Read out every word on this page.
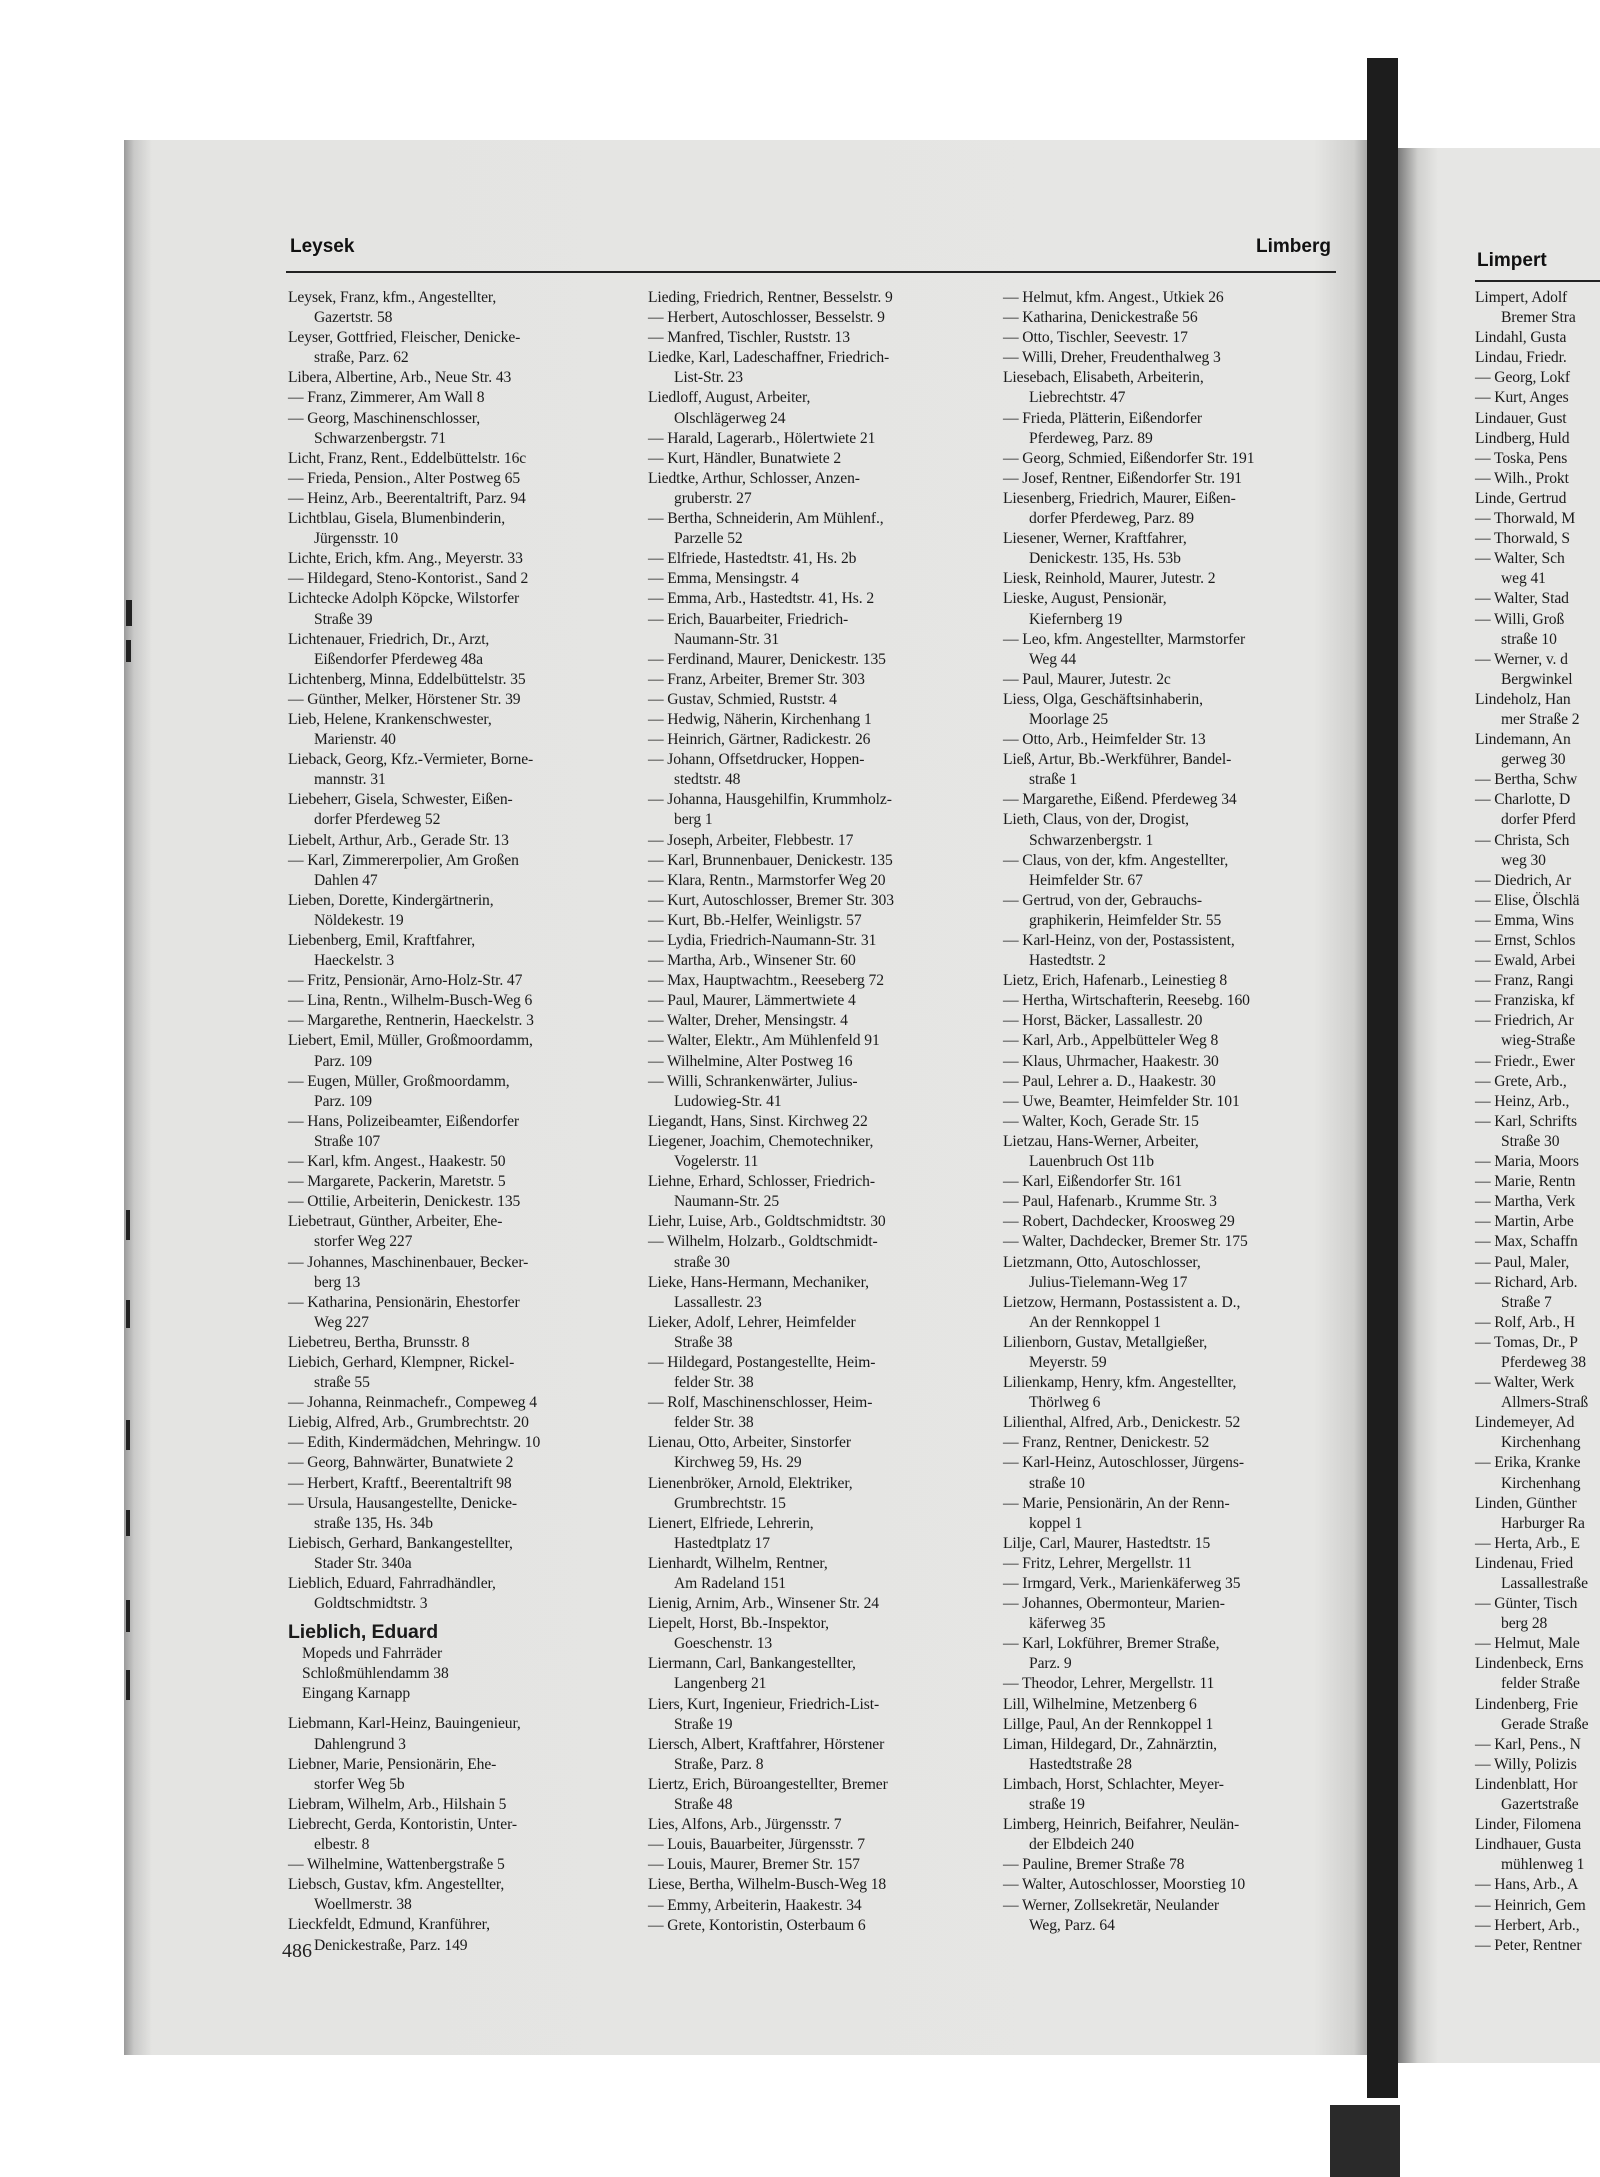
Leysek	Limberg
Limpert
Leysek, Franz, kfm., Angestellter,
Gazertstr. 58
Leyser, Gottfried, Fleischer, Denicke-
straße, Parz. 62
Libera, Albertine, Arb., Neue Str. 43
— Franz, Zimmerer, Am Wall 8
— Georg, Maschinenschlosser,
Schwarzenbergstr. 71
Licht, Franz, Rent., Eddelbüttelstr. 16c
— Frieda, Pension., Alter Postweg 65
— Heinz, Arb., Beerentaltrift, Parz. 94
Lichtblau, Gisela, Blumenbinderin,
Jürgensstr. 10
Lichte, Erich, kfm. Ang., Meyerstr. 33
— Hildegard, Steno-Kontorist., Sand 2
Lichtecke Adolph Köpcke, Wilstorfer
Straße 39
Lichtenauer, Friedrich, Dr., Arzt,
Eißendorfer Pferdeweg 48a
Lichtenberg, Minna, Eddelbüttelstr. 35
— Günther, Melker, Hörstener Str. 39
Lieb, Helene, Krankenschwester,
Marienstr. 40
Lieback, Georg, Kfz.-Vermieter, Borne-
mannstr. 31
Liebeherr, Gisela, Schwester, Eißen-
dorfer Pferdeweg 52
Liebelt, Arthur, Arb., Gerade Str. 13
— Karl, Zimmererpolier, Am Großen
Dahlen 47
Lieben, Dorette, Kindergärtnerin,
Nöldekestr. 19
Liebenberg, Emil, Kraftfahrer,
Haeckelstr. 3
— Fritz, Pensionär, Arno-Holz-Str. 47
— Lina, Rentn., Wilhelm-Busch-Weg 6
— Margarethe, Rentnerin, Haeckelstr. 3
Liebert, Emil, Müller, Großmoordamm,
Parz. 109
— Eugen, Müller, Großmoordamm,
Parz. 109
— Hans, Polizeibeamter, Eißendorfer
Straße 107
— Karl, kfm. Angest., Haakestr. 50
— Margarete, Packerin, Maretstr. 5
— Ottilie, Arbeiterin, Denickestr. 135
Liebetraut, Günther, Arbeiter, Ehe-
storfer Weg 227
— Johannes, Maschinenbauer, Becker-
berg 13
— Katharina, Pensionärin, Ehestorfer
Weg 227
Liebetreu, Bertha, Brunsstr. 8
Liebich, Gerhard, Klempner, Rickel-
straße 55
— Johanna, Reinmachefr., Compeweg 4
Liebig, Alfred, Arb., Grumbrechtstr. 20
— Edith, Kindermädchen, Mehringw. 10
— Georg, Bahnwärter, Bunatwiete 2
— Herbert, Kraftf., Beerentaltrift 98
— Ursula, Hausangestellte, Denicke-
straße 135, Hs. 34b
Liebisch, Gerhard, Bankangestellter,
Stader Str. 340a
Lieblich, Eduard, Fahrradhändler,
Goldtschmidtstr. 3
Lieblich, Eduard
Mopeds und Fahrräder
Schloßmühlendamm 38
Eingang Karnapp
Liebmann, Karl-Heinz, Bauingenieur,
Dahlengrund 3
Liebner, Marie, Pensionärin, Ehe-
storfer Weg 5b
Liebram, Wilhelm, Arb., Hilshain 5
Liebrecht, Gerda, Kontoristin, Unter-
elbestr. 8
— Wilhelmine, Wattenbergstraße 5
Liebsch, Gustav, kfm. Angestellter,
Woellmerstr. 38
Lieckfeldt, Edmund, Kranführer,
Denickestraße, Parz. 149
Lieding, Friedrich, Rentner, Besselstr. 9
— Herbert, Autoschlosser, Besselstr. 9
— Manfred, Tischler, Ruststr. 13
Liedke, Karl, Ladeschaffner, Friedrich-
List-Str. 23
Liedloff, August, Arbeiter,
Olschlägerweg 24
— Harald, Lagerarb., Hölertwiete 21
— Kurt, Händler, Bunatwiete 2
Liedtke, Arthur, Schlosser, Anzen-
gruberstr. 27
— Bertha, Schneiderin, Am Mühlenf.,
Parzelle 52
— Elfriede, Hastedtstr. 41, Hs. 2b
— Emma, Mensingstr. 4
— Emma, Arb., Hastedtstr. 41, Hs. 2
— Erich, Bauarbeiter, Friedrich-
Naumann-Str. 31
— Ferdinand, Maurer, Denickestr. 135
— Franz, Arbeiter, Bremer Str. 303
— Gustav, Schmied, Ruststr. 4
— Hedwig, Näherin, Kirchenhang 1
— Heinrich, Gärtner, Radickestr. 26
— Johann, Offsetdrucker, Hoppen-
stedtstr. 48
— Johanna, Hausgehilfin, Krummholz-
berg 1
— Joseph, Arbeiter, Flebbestr. 17
— Karl, Brunnenbauer, Denickestr. 135
— Klara, Rentn., Marmstorfer Weg 20
— Kurt, Autoschlosser, Bremer Str. 303
— Kurt, Bb.-Helfer, Weinligstr. 57
— Lydia, Friedrich-Naumann-Str. 31
— Martha, Arb., Winsener Str. 60
— Max, Hauptwachtm., Reeseberg 72
— Paul, Maurer, Lämmertwiete 4
— Walter, Dreher, Mensingstr. 4
— Walter, Elektr., Am Mühlenfeld 91
— Wilhelmine, Alter Postweg 16
— Willi, Schrankenwärter, Julius-
Ludowieg-Str. 41
Liegandt, Hans, Sinst. Kirchweg 22
Liegener, Joachim, Chemotechniker,
Vogelerstr. 11
Liehne, Erhard, Schlosser, Friedrich-
Naumann-Str. 25
Liehr, Luise, Arb., Goldtschmidtstr. 30
— Wilhelm, Holzarb., Goldtschmidt-
straße 30
Lieke, Hans-Hermann, Mechaniker,
Lassallestr. 23
Lieker, Adolf, Lehrer, Heimfelder
Straße 38
— Hildegard, Postangestellte, Heim-
felder Str. 38
— Rolf, Maschinenschlosser, Heim-
felder Str. 38
Lienau, Otto, Arbeiter, Sinstorfer
Kirchweg 59, Hs. 29
Lienenbröker, Arnold, Elektriker,
Grumbrechtstr. 15
Lienert, Elfriede, Lehrerin,
Hastedtplatz 17
Lienhardt, Wilhelm, Rentner,
Am Radeland 151
Lienig, Arnim, Arb., Winsener Str. 24
Liepelt, Horst, Bb.-Inspektor,
Goeschenstr. 13
Liermann, Carl, Bankangestellter,
Langenberg 21
Liers, Kurt, Ingenieur, Friedrich-List-
Straße 19
Liersch, Albert, Kraftfahrer, Hörstener
Straße, Parz. 8
Liertz, Erich, Büroangestellter, Bremer
Straße 48
Lies, Alfons, Arb., Jürgensstr. 7
— Louis, Bauarbeiter, Jürgensstr. 7
— Louis, Maurer, Bremer Str. 157
Liese, Bertha, Wilhelm-Busch-Weg 18
— Emmy, Arbeiterin, Haakestr. 34
— Grete, Kontoristin, Osterbaum 6
— Helmut, kfm. Angest., Utkiek 26
— Katharina, Denickestraße 56
— Otto, Tischler, Seevestr. 17
— Willi, Dreher, Freudenthalweg 3
Liesebach, Elisabeth, Arbeiterin,
Liebrechtstr. 47
— Frieda, Plätterin, Eißendorfer
Pferdeweg, Parz. 89
— Georg, Schmied, Eißendorfer Str. 191
— Josef, Rentner, Eißendorfer Str. 191
Liesenberg, Friedrich, Maurer, Eißen-
dorfer Pferdeweg, Parz. 89
Liesener, Werner, Kraftfahrer,
Denickestr. 135, Hs. 53b
Liesk, Reinhold, Maurer, Jutestr. 2
Lieske, August, Pensionär,
Kiefernberg 19
— Leo, kfm. Angestellter, Marmstorfer
Weg 44
— Paul, Maurer, Jutestr. 2c
Liess, Olga, Geschäftsinhaberin,
Moorlage 25
— Otto, Arb., Heimfelder Str. 13
Ließ, Artur, Bb.-Werkführer, Bandel-
straße 1
— Margarethe, Eißend. Pferdeweg 34
Lieth, Claus, von der, Drogist,
Schwarzenbergstr. 1
— Claus, von der, kfm. Angestellter,
Heimfelder Str. 67
— Gertrud, von der, Gebrauchs-
graphikerin, Heimfelder Str. 55
— Karl-Heinz, von der, Postassistent,
Hastedtstr. 2
Lietz, Erich, Hafenarb., Leinestieg 8
— Hertha, Wirtschafterin, Reesebg. 160
— Horst, Bäcker, Lassallestr. 20
— Karl, Arb., Appelbütteler Weg 8
— Klaus, Uhrmacher, Haakestr. 30
— Paul, Lehrer a. D., Haakestr. 30
— Uwe, Beamter, Heimfelder Str. 101
— Walter, Koch, Gerade Str. 15
Lietzau, Hans-Werner, Arbeiter,
Lauenbruch Ost 11b
— Karl, Eißendorfer Str. 161
— Paul, Hafenarb., Krumme Str. 3
— Robert, Dachdecker, Kroosweg 29
— Walter, Dachdecker, Bremer Str. 175
Lietzmann, Otto, Autoschlosser,
Julius-Tielemann-Weg 17
Lietzow, Hermann, Postassistent a. D.,
An der Rennkoppel 1
Lilienborn, Gustav, Metallgießer,
Meyerstr. 59
Lilienkamp, Henry, kfm. Angestellter,
Thörlweg 6
Lilienthal, Alfred, Arb., Denickestr. 52
— Franz, Rentner, Denickestr. 52
— Karl-Heinz, Autoschlosser, Jürgens-
straße 10
— Marie, Pensionärin, An der Renn-
koppel 1
Lilje, Carl, Maurer, Hastedtstr. 15
— Fritz, Lehrer, Mergellstr. 11
— Irmgard, Verk., Marienkäferweg 35
— Johannes, Obermonteur, Marien-
käferweg 35
— Karl, Lokführer, Bremer Straße,
Parz. 9
— Theodor, Lehrer, Mergellstr. 11
Lill, Wilhelmine, Metzenberg 6
Lillge, Paul, An der Rennkoppel 1
Liman, Hildegard, Dr., Zahnärztin,
Hastedtstraße 28
Limbach, Horst, Schlachter, Meyer-
straße 19
Limberg, Heinrich, Beifahrer, Neulän-
der Elbdeich 240
— Pauline, Bremer Straße 78
— Walter, Autoschlosser, Moorstieg 10
— Werner, Zollsekretär, Neulander
Weg, Parz. 64
Limpert, Adolf
Bremer Stra
Lindahl, Gusta
Lindau, Friedr.
— Georg, Lokf
— Kurt, Anges
Lindauer, Gust
Lindberg, Huld
— Toska, Pens
— Wilh., Prokt
Linde, Gertrud
— Thorwald, M
— Thorwald, S
— Walter, Sch
weg 41
— Walter, Stad
— Willi, Groß
straße 10
— Werner, v. d
Bergwinkel
Lindeholz, Han
mer Straße 2
Lindemann, An
gerweg 30
— Bertha, Schw
— Charlotte, D
dorfer Pferd
— Christa, Sch
weg 30
— Diedrich, Ar
— Elise, Ölschlä
— Emma, Wins
— Ernst, Schlos
— Ewald, Arbei
— Franz, Rangi
— Franziska, kf
— Friedrich, Ar
wieg-Straße
— Friedr., Ewer
— Grete, Arb.,
— Heinz, Arb.,
— Karl, Schrifts
Straße 30
— Maria, Moors
— Marie, Rentn
— Martha, Verk
— Martin, Arbe
— Max, Schaffn
— Paul, Maler,
— Richard, Arb.
Straße 7
— Rolf, Arb., H
— Tomas, Dr., P
Pferdeweg 38
— Walter, Werk
Allmers-Straß
Lindemeyer, Ad
Kirchenhang
— Erika, Kranke
Kirchenhang
Linden, Günther
Harburger Ra
— Herta, Arb., E
Lindenau, Fried
Lassallestraße
— Günter, Tisch
berg 28
— Helmut, Male
Lindenbeck, Erns
felder Straße
Lindenberg, Frie
Gerade Straße
— Karl, Pens., N
— Willy, Polizis
Lindenblatt, Hor
Gazertstraße
Linder, Filomena
Lindhauer, Gusta
mühlenweg 1
— Hans, Arb., A
— Heinrich, Gem
— Herbert, Arb.,
— Peter, Rentner
486
